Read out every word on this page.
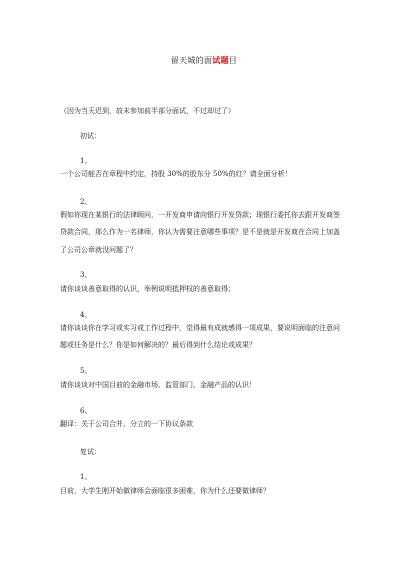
留天城的面试题目
（因为当天迟到，故未参加前半部分面试，不过却过了）
初试：
1、
一个公司能否在章程中约定，持股 30%的股东分 50%的红？请全面分析！
2、
假如你现在某银行的法律顾问，一开发商申请向银行开发贷款；现银行委托你去跟开发商签
贷款合同，那么作为一名律师，你认为需要注意哪些事项？是不是就是开发商在合同上加盖
了公司公章就没问题了？
3、
请你谈谈善意取得的认识，举例说明抵押权的善意取得；
4、
请你谈谈你在学习或实习或工作过程中，觉得最有成就感得一项成果，要说明面临的注意问
题或任务是什么？你是如何解决的？最后得到什么结论或成果？
5、
请你谈谈对中国目前的金融市场、监管部门、金融产品的认识！
6、
翻译：关于公司合并、分立的一下协议条款
复试：
1、
目前，大学生刚开始做律师会面临很多困难，你为什么还要做律师？
